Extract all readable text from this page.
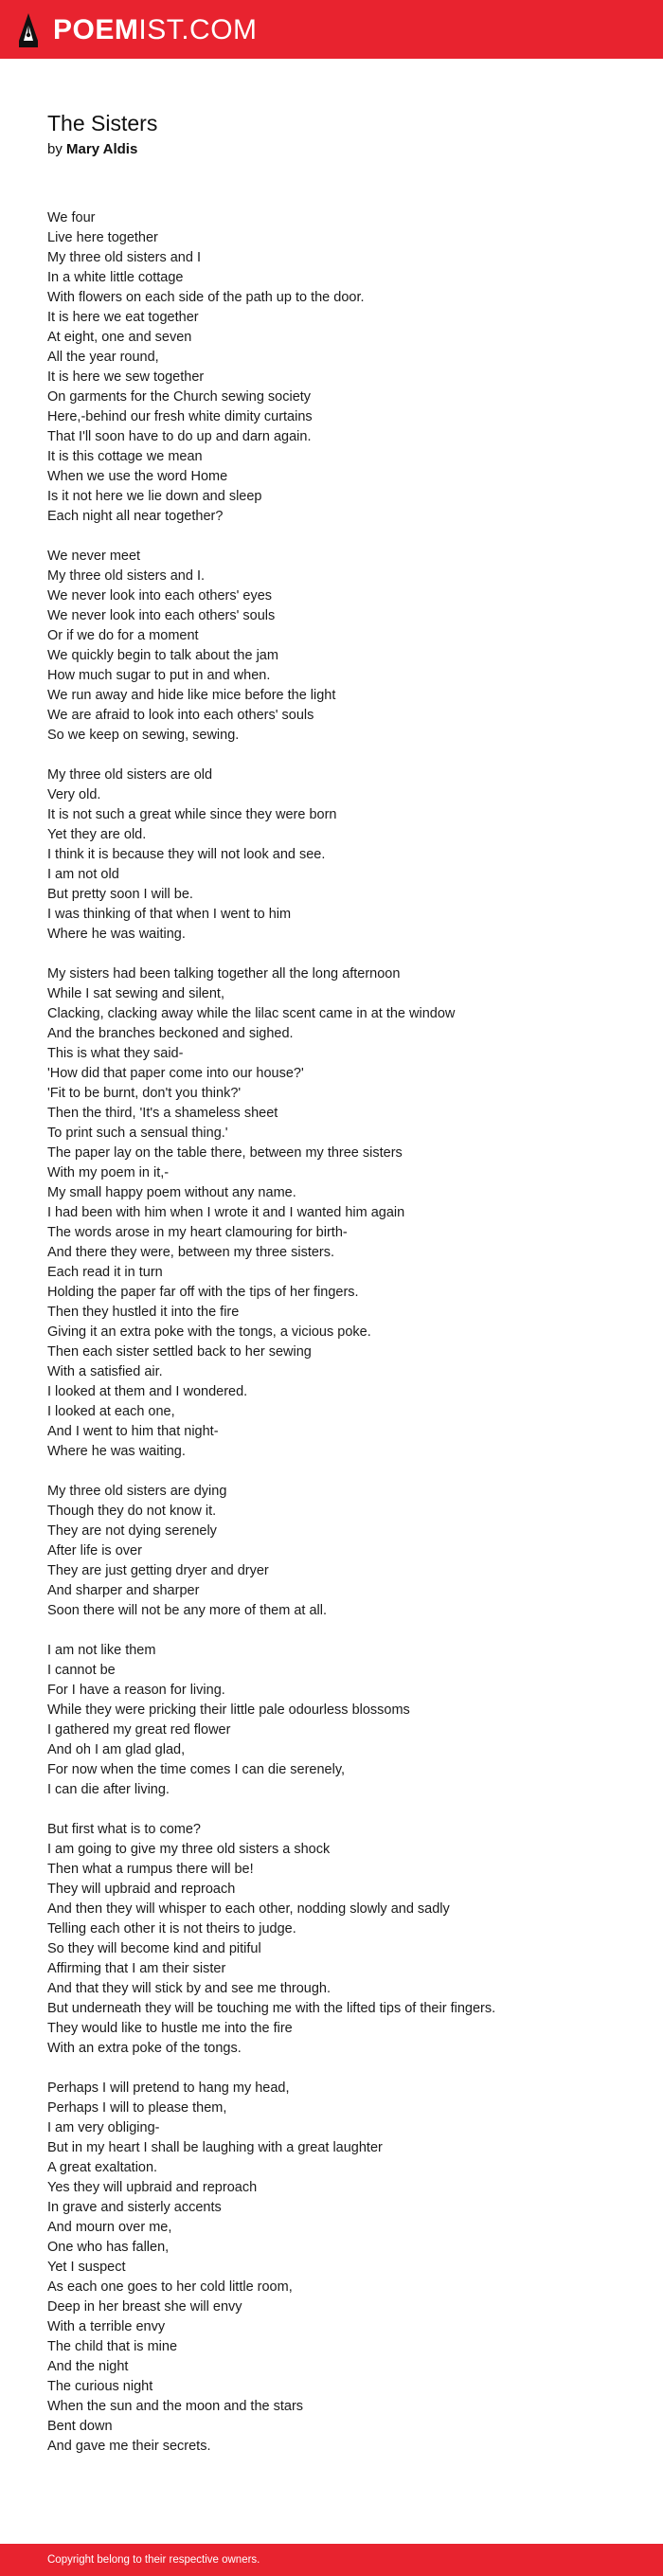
POEMIST.COM
The Sisters
by Mary Aldis
We four
Live here together
My three old sisters and I
In a white little cottage
With flowers on each side of the path up to the door.
It is here we eat together
At eight, one and seven
All the year round,
It is here we sew together
On garments for the Church sewing society
Here,-behind our fresh white dimity curtains
That I'll soon have to do up and darn again.
It is this cottage we mean
When we use the word Home
Is it not here we lie down and sleep
Each night all near together?
We never meet
My three old sisters and I.
We never look into each others' eyes
We never look into each others' souls
Or if we do for a moment
We quickly begin to talk about the jam
How much sugar to put in and when.
We run away and hide like mice before the light
We are afraid to look into each others' souls
So we keep on sewing, sewing.
My three old sisters are old
Very old.
It is not such a great while since they were born
Yet they are old.
I think it is because they will not look and see.
I am not old
But pretty soon I will be.
I was thinking of that when I went to him
Where he was waiting.
My sisters had been talking together all the long afternoon
While I sat sewing and silent,
Clacking, clacking away while the lilac scent came in at the window
And the branches beckoned and sighed.
This is what they said-
'How did that paper come into our house?'
'Fit to be burnt, don't you think?'
Then the third, 'It's a shameless sheet
To print such a sensual thing.'
The paper lay on the table there, between my three sisters
With my poem in it,-
My small happy poem without any name.
I had been with him when I wrote it and I wanted him again
The words arose in my heart clamouring for birth-
And there they were, between my three sisters.
Each read it in turn
Holding the paper far off with the tips of her fingers.
Then they hustled it into the fire
Giving it an extra poke with the tongs, a vicious poke.
Then each sister settled back to her sewing
With a satisfied air.
I looked at them and I wondered.
I looked at each one,
And I went to him that night-
Where he was waiting.
My three old sisters are dying
Though they do not know it.
They are not dying serenely
After life is over
They are just getting dryer and dryer
And sharper and sharper
Soon there will not be any more of them at all.
I am not like them
I cannot be
For I have a reason for living.
While they were pricking their little pale odourless blossoms
I gathered my great red flower
And oh I am glad glad,
For now when the time comes I can die serenely,
I can die after living.
But first what is to come?
I am going to give my three old sisters a shock
Then what a rumpus there will be!
They will upbraid and reproach
And then they will whisper to each other, nodding slowly and sadly
Telling each other it is not theirs to judge.
So they will become kind and pitiful
Affirming that I am their sister
And that they will stick by and see me through.
But underneath they will be touching me with the lifted tips of their fingers.
They would like to hustle me into the fire
With an extra poke of the tongs.
Perhaps I will pretend to hang my head,
Perhaps I will to please them,
I am very obliging-
But in my heart I shall be laughing with a great laughter
A great exaltation.
Yes they will upbraid and reproach
In grave and sisterly accents
And mourn over me,
One who has fallen,
Yet I suspect
As each one goes to her cold little room,
Deep in her breast she will envy
With a terrible envy
The child that is mine
And the night
The curious night
When the sun and the moon and the stars
Bent down
And gave me their secrets.
Copyright belong to their respective owners.
